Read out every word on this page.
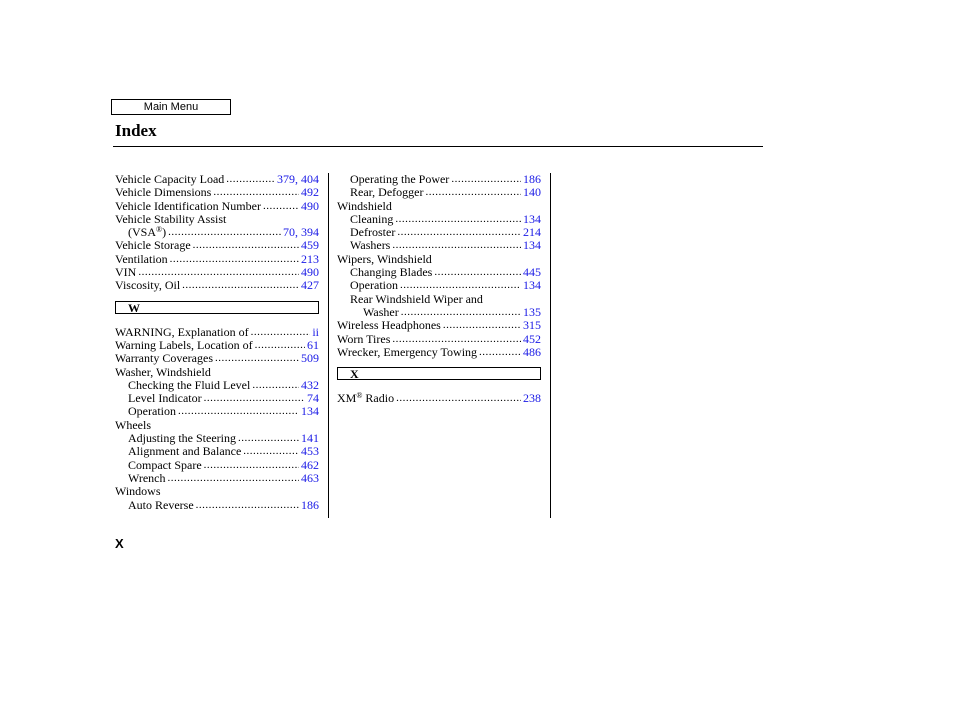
Main Menu
Index
Vehicle Capacity Load .....	379, 404
Vehicle Dimensions .....	492
Vehicle Identification Number .....	490
Vehicle Stability Assist
(VSA®) .....	70, 394
Vehicle Storage .....	459
Ventilation .....	213
VIN .....	490
Viscosity, Oil .....	427
W
WARNING, Explanation of .....	ii
Warning Labels, Location of .....	61
Warranty Coverages .....	509
Washer, Windshield
Checking the Fluid Level .....	432
Level Indicator .....	74
Operation .....	134
Wheels
Adjusting the Steering .....	141
Alignment and Balance .....	453
Compact Spare .....	462
Wrench .....	463
Windows
Auto Reverse .....	186
Operating the Power .....	186
Rear, Defogger .....	140
Windshield
Cleaning .....	134
Defroster .....	214
Washers .....	134
Wipers, Windshield
Changing Blades .....	445
Operation .....	134
Rear Windshield Wiper and
Washer .....	135
Wireless Headphones .....	315
Worn Tires .....	452
Wrecker, Emergency Towing .....	486
X
XM® Radio .....	238
X
